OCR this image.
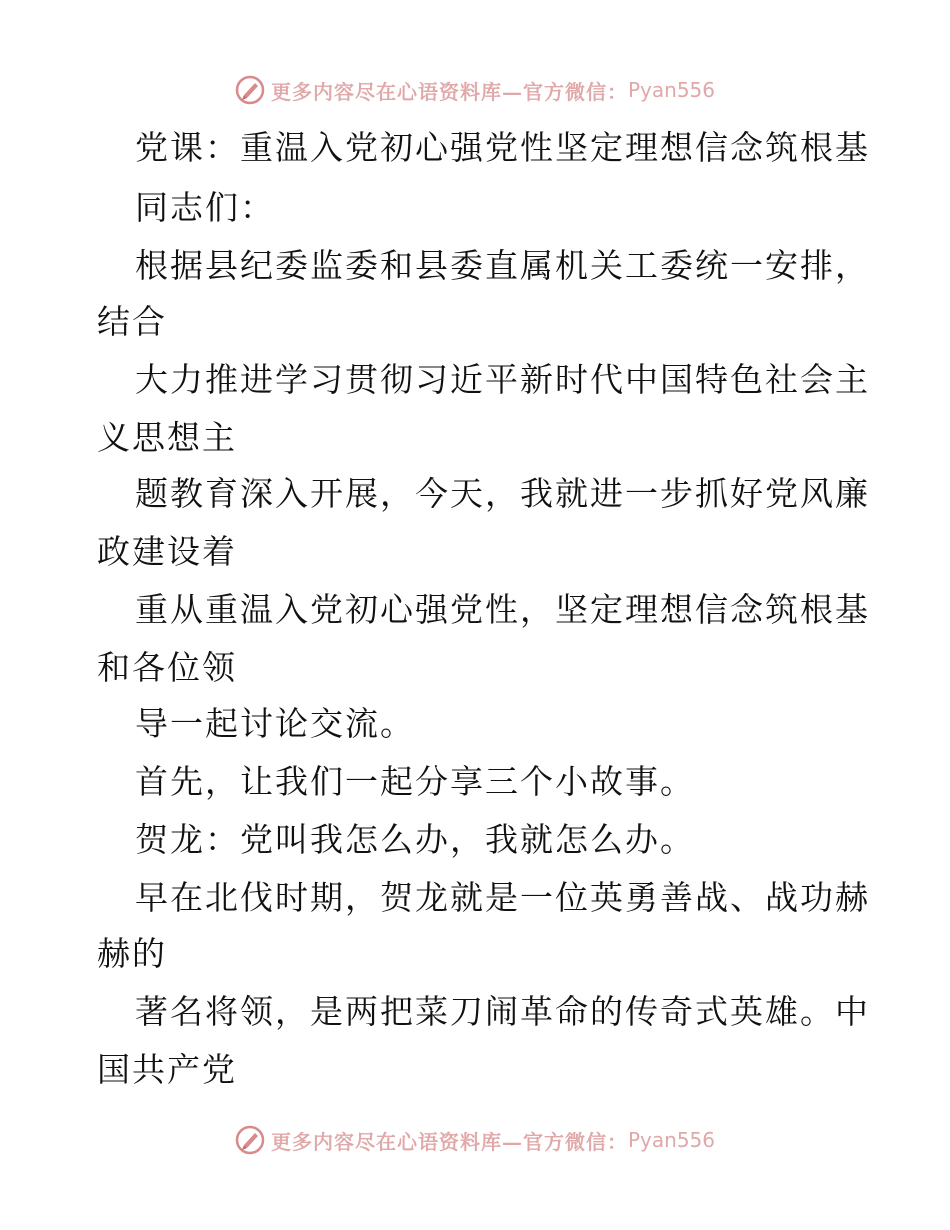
更多内容尽在心语资料库—官方微信： Pyan556
党课：重温入党初心强党性坚定理想信念筑根基
同志们：
根据县纪委监委和县委直属机关工委统一安排，
结合
大力推进学习贯彻习近平新时代中国特色社会主
义思想主
题教育深入开展，今天，我就进一步抓好党风廉
政建设着
重从重温入党初心强党性，坚定理想信念筑根基
和各位领
导一起讨论交流。
首先，让我们一起分享三个小故事。
贺龙：党叫我怎么办，我就怎么办。
早在北伐时期，贺龙就是一位英勇善战、战功赫
赫的
著名将领，是两把菜刀闹革命的传奇式英雄。中
国共产党
更多内容尽在心语资料库—官方微信： Pyan556
